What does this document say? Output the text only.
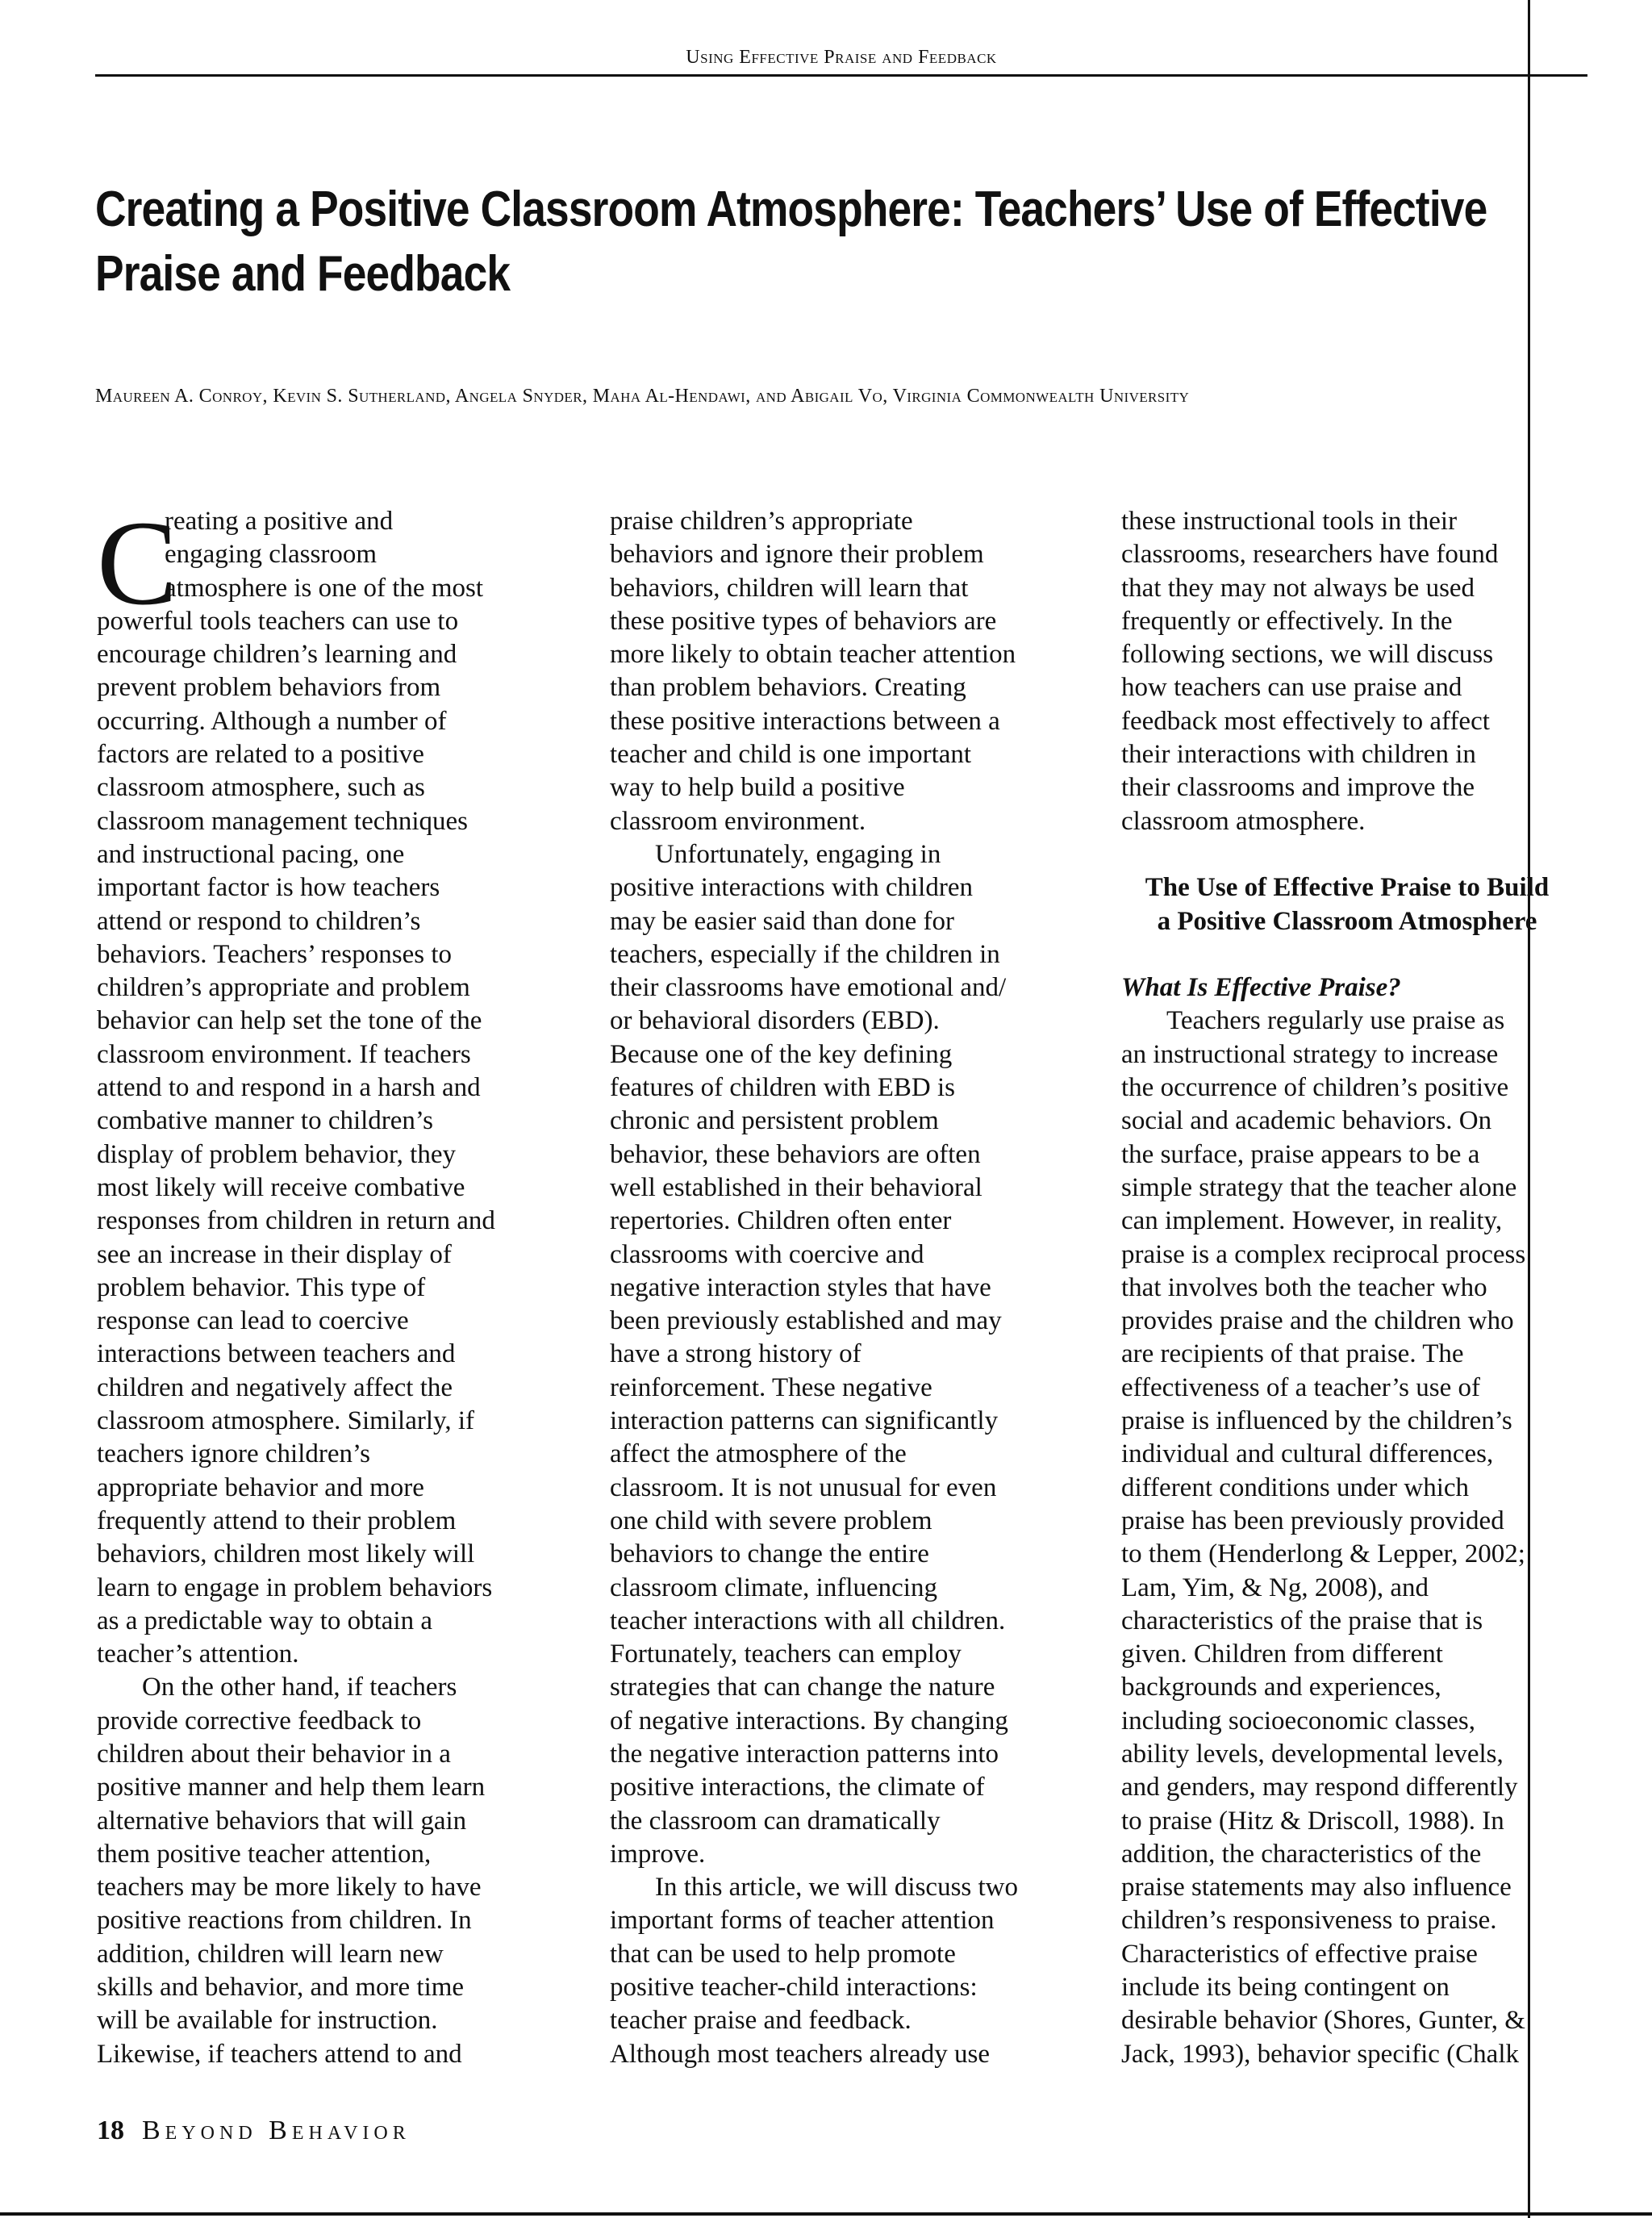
Using Effective Praise and Feedback
Creating a Positive Classroom Atmosphere: Teachers’ Use of Effective
Praise and Feedback
Maureen A. Conroy, Kevin S. Sutherland, Angela Snyder, Maha Al-Hendawi, and Abigail Vo, Virginia Commonwealth University
C
reating a positive and
engaging classroom
atmosphere is one of the most
powerful tools teachers can use to
encourage children’s learning and
prevent problem behaviors from
occurring. Although a number of
factors are related to a positive
classroom atmosphere, such as
classroom management techniques
and instructional pacing, one
important factor is how teachers
attend or respond to children’s
behaviors. Teachers’ responses to
children’s appropriate and problem
behavior can help set the tone of the
classroom environment. If teachers
attend to and respond in a harsh and
combative manner to children’s
display of problem behavior, they
most likely will receive combative
responses from children in return and
see an increase in their display of
problem behavior. This type of
response can lead to coercive
interactions between teachers and
children and negatively affect the
classroom atmosphere. Similarly, if
teachers ignore children’s
appropriate behavior and more
frequently attend to their problem
behaviors, children most likely will
learn to engage in problem behaviors
as a predictable way to obtain a
teacher’s attention.
On the other hand, if teachers
provide corrective feedback to
children about their behavior in a
positive manner and help them learn
alternative behaviors that will gain
them positive teacher attention,
teachers may be more likely to have
positive reactions from children. In
addition, children will learn new
skills and behavior, and more time
will be available for instruction.
Likewise, if teachers attend to and
praise children’s appropriate
behaviors and ignore their problem
behaviors, children will learn that
these positive types of behaviors are
more likely to obtain teacher attention
than problem behaviors. Creating
these positive interactions between a
teacher and child is one important
way to help build a positive
classroom environment.
Unfortunately, engaging in
positive interactions with children
may be easier said than done for
teachers, especially if the children in
their classrooms have emotional and/
or behavioral disorders (EBD).
Because one of the key defining
features of children with EBD is
chronic and persistent problem
behavior, these behaviors are often
well established in their behavioral
repertories. Children often enter
classrooms with coercive and
negative interaction styles that have
been previously established and may
have a strong history of
reinforcement. These negative
interaction patterns can significantly
affect the atmosphere of the
classroom. It is not unusual for even
one child with severe problem
behaviors to change the entire
classroom climate, influencing
teacher interactions with all children.
Fortunately, teachers can employ
strategies that can change the nature
of negative interactions. By changing
the negative interaction patterns into
positive interactions, the climate of
the classroom can dramatically
improve.
In this article, we will discuss two
important forms of teacher attention
that can be used to help promote
positive teacher-child interactions:
teacher praise and feedback.
Although most teachers already use
these instructional tools in their
classrooms, researchers have found
that they may not always be used
frequently or effectively. In the
following sections, we will discuss
how teachers can use praise and
feedback most effectively to affect
their interactions with children in
their classrooms and improve the
classroom atmosphere.
The Use of Effective Praise to Build
a Positive Classroom Atmosphere
What Is Effective Praise?
Teachers regularly use praise as
an instructional strategy to increase
the occurrence of children’s positive
social and academic behaviors. On
the surface, praise appears to be a
simple strategy that the teacher alone
can implement. However, in reality,
praise is a complex reciprocal process
that involves both the teacher who
provides praise and the children who
are recipients of that praise. The
effectiveness of a teacher’s use of
praise is influenced by the children’s
individual and cultural differences,
different conditions under which
praise has been previously provided
to them (Henderlong & Lepper, 2002;
Lam, Yim, & Ng, 2008), and
characteristics of the praise that is
given. Children from different
backgrounds and experiences,
including socioeconomic classes,
ability levels, developmental levels,
and genders, may respond differently
to praise (Hitz & Driscoll, 1988). In
addition, the characteristics of the
praise statements may also influence
children’s responsiveness to praise.
Characteristics of effective praise
include its being contingent on
desirable behavior (Shores, Gunter, &
Jack, 1993), behavior specific (Chalk
18 Beyond Behavior
